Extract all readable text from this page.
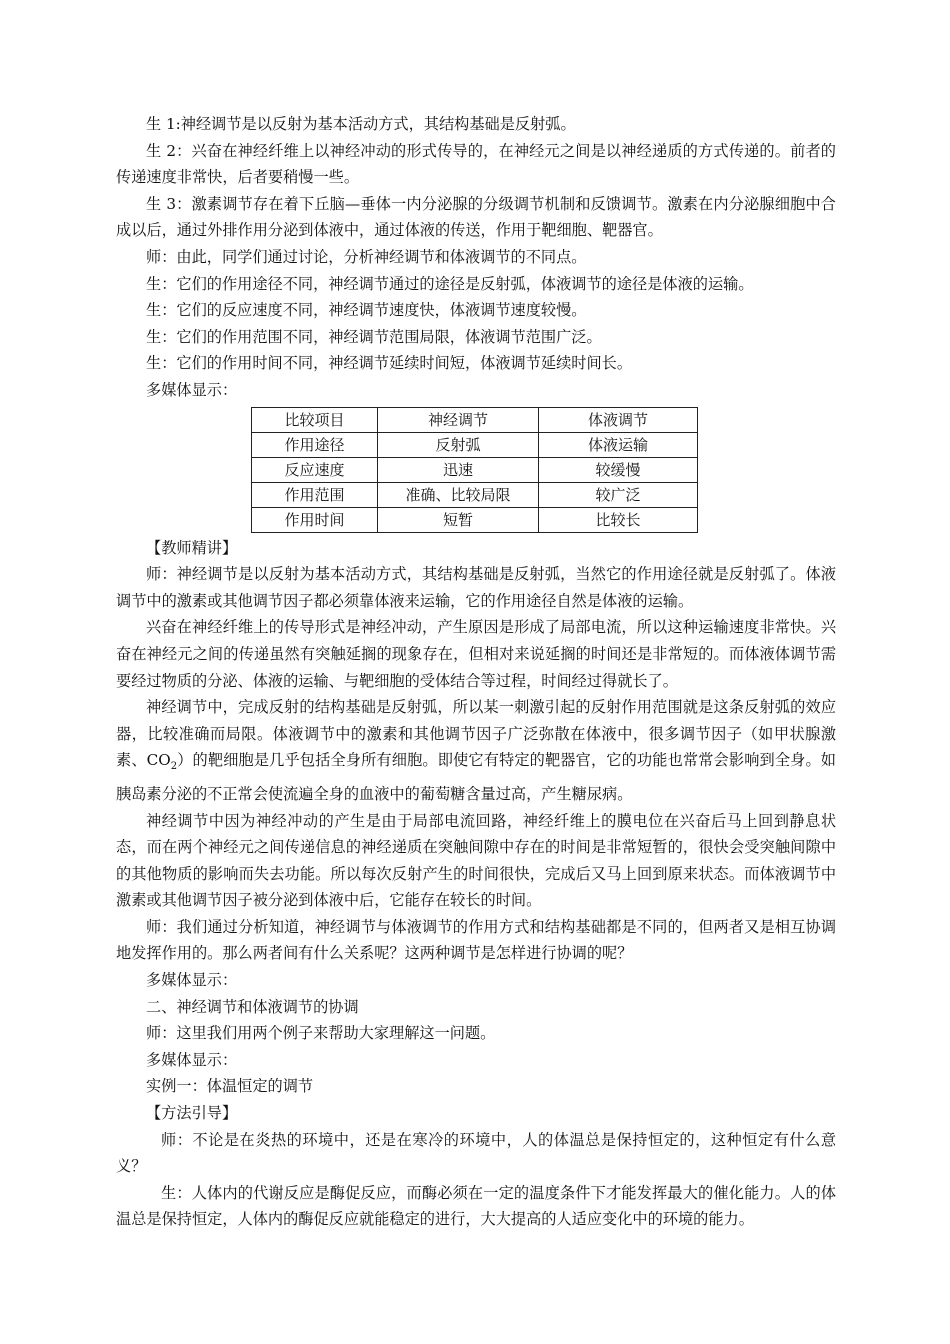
生 1:神经调节是以反射为基本活动方式，其结构基础是反射弧。

生 2：兴奋在神经纤维上以神经冲动的形式传导的，在神经元之间是以神经递质的方式传递的。前者的传递速度非常快，后者要稍慢一些。

生 3：激素调节存在着下丘脑—垂体一内分泌腺的分级调节机制和反馈调节。激素在内分泌腺细胞中合成以后，通过外排作用分泌到体液中，通过体液的传送，作用于靶细胞、靶器官。

师：由此，同学们通过讨论，分析神经调节和体液调节的不同点。

生：它们的作用途径不同，神经调节通过的途径是反射弧，体液调节的途径是体液的运输。

生：它们的反应速度不同，神经调节速度快，体液调节速度较慢。

生：它们的作用范围不同，神经调节范围局限，体液调节范围广泛。

生：它们的作用时间不同，神经调节延续时间短，体液调节延续时间长。

多媒体显示：

比较项目	神经调节	体液调节
作用途径	反射弧	体液运输
反应速度	迅速	较缓慢
作用范围	准确、比较局限	较广泛
作用时间	短暂	比较长

【教师精讲】

师：神经调节是以反射为基本活动方式，其结构基础是反射弧，当然它的作用途径就是反射弧了。体液调节中的激素或其他调节因子都必须靠体液来运输，它的作用途径自然是体液的运输。

兴奋在神经纤维上的传导形式是神经冲动，产生原因是形成了局部电流，所以这种运输速度非常快。兴奋在神经元之间的传递虽然有突触延搁的现象存在，但相对来说延搁的时间还是非常短的。而体液体调节需要经过物质的分泌、体液的运输、与靶细胞的受体结合等过程，时间经过得就长了。

神经调节中，完成反射的结构基础是反射弧，所以某一刺激引起的反射作用范围就是这条反射弧的效应器，比较准确而局限。体液调节中的激素和其他调节因子广泛弥散在体液中，很多调节因子（如甲状腺激素、$CO_2$）的靶细胞是几乎包括全身所有细胞。即使它有特定的靶器官，它的功能也常常会影响到全身。如胰岛素分泌的不正常会使流遍全身的血液中的葡萄糖含量过高，产生糖尿病。

神经调节中因为神经冲动的产生是由于局部电流回路，神经纤维上的膜电位在兴奋后马上回到静息状态，而在两个神经元之间传递信息的神经递质在突触间隙中存在的时间是非常短暂的，很快会受突触间隙中的其他物质的影响而失去功能。所以每次反射产生的时间很快，完成后又马上回到原来状态。而体液调节中激素或其他调节因子被分泌到体液中后，它能存在较长的时间。

师：我们通过分析知道，神经调节与体液调节的作用方式和结构基础都是不同的，但两者又是相互协调地发挥作用的。那么两者间有什么关系呢？这两种调节是怎样进行协调的呢？

多媒体显示：

二、神经调节和体液调节的协调

师：这里我们用两个例子来帮助大家理解这一问题。

多媒体显示：

实例一：体温恒定的调节

【方法引导】

师：不论是在炎热的环境中，还是在寒冷的环境中，人的体温总是保持恒定的，这种恒定有什么意义？

生：人体内的代谢反应是酶促反应，而酶必须在一定的温度条件下才能发挥最大的催化能力。人的体温总是保持恒定，人体内的酶促反应就能稳定的进行，大大提高的人适应变化中的环境的能力。
